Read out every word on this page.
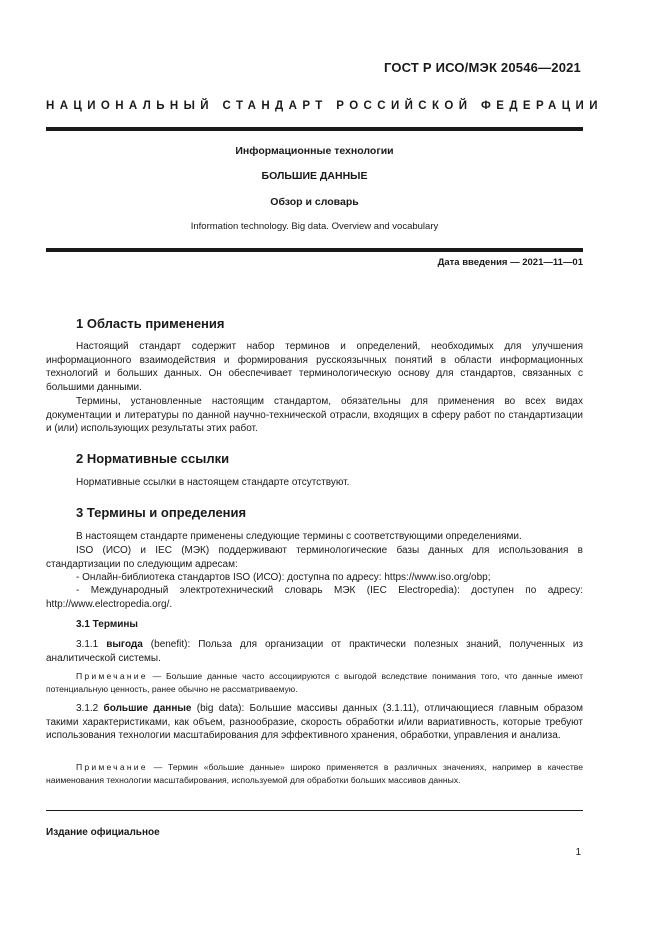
ГОСТ Р ИСО/МЭК 20546—2021
НАЦИОНАЛЬНЫЙ СТАНДАРТ РОССИЙСКОЙ ФЕДЕРАЦИИ
Информационные технологии
БОЛЬШИЕ ДАННЫЕ
Обзор и словарь
Information technology. Big data. Overview and vocabulary
Дата введения — 2021—11—01
1 Область применения
Настоящий стандарт содержит набор терминов и определений, необходимых для улучшения информационного взаимодействия и формирования русскоязычных понятий в области информационных технологий и больших данных. Он обеспечивает терминологическую основу для стандартов, связанных с большими данными.
Термины, установленные настоящим стандартом, обязательны для применения во всех видах документации и литературы по данной научно-технической отрасли, входящих в сферу работ по стандартизации и (или) использующих результаты этих работ.
2 Нормативные ссылки
Нормативные ссылки в настоящем стандарте отсутствуют.
3 Термины и определения
В настоящем стандарте применены следующие термины с соответствующими определениями.
ISO (ИСО) и IEC (МЭК) поддерживают терминологические базы данных для использования в стандартизации по следующим адресам:
- Онлайн-библиотека стандартов ISO (ИСО): доступна по адресу: https://www.iso.org/obp;
- Международный электротехнический словарь МЭК (IEC Electropedia): доступен по адресу: http://www.electropedia.org/.
3.1 Термины
3.1.1 выгода (benefit): Польза для организации от практически полезных знаний, полученных из аналитической системы.
Примечание — Большие данные часто ассоциируются с выгодой вследствие понимания того, что данные имеют потенциальную ценность, ранее обычно не рассматриваемую.
3.1.2 большие данные (big data): Большие массивы данных (3.1.11), отличающиеся главным образом такими характеристиками, как объем, разнообразие, скорость обработки и/или вариативность, которые требуют использования технологии масштабирования для эффективного хранения, обработки, управления и анализа.
Примечание — Термин «большие данные» широко применяется в различных значениях, например в качестве наименования технологии масштабирования, используемой для обработки больших массивов данных.
Издание официальное
1
